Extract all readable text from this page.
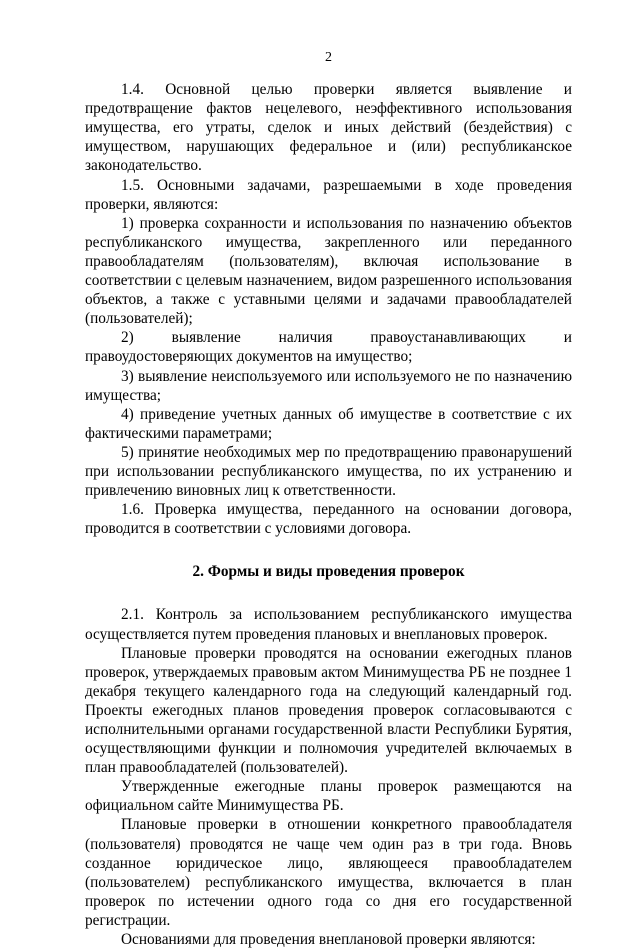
2

1.4. Основной целью проверки является выявление и предотвращение фактов нецелевого, неэффективного использования имущества, его утраты, сделок и иных действий (бездействия) с имуществом, нарушающих федеральное и (или) республиканское законодательство.

1.5. Основными задачами, разрешаемыми в ходе проведения проверки, являются:

1) проверка сохранности и использования по назначению объектов республиканского имущества, закрепленного или переданного правообладателям (пользователям), включая использование в соответствии с целевым назначением, видом разрешенного использования объектов, а также с уставными целями и задачами правообладателей (пользователей);

2) выявление наличия правоустанавливающих и правоудостоверяющих документов на имущество;

3) выявление неиспользуемого или используемого не по назначению имущества;

4) приведение учетных данных об имуществе в соответствие с их фактическими параметрами;

5) принятие необходимых мер по предотвращению правонарушений при использовании республиканского имущества, по их устранению и привлечению виновных лиц к ответственности.

1.6. Проверка имущества, переданного на основании договора, проводится в соответствии с условиями договора.

2. Формы и виды проведения проверок

2.1. Контроль за использованием республиканского имущества осуществляется путем проведения плановых и внеплановых проверок.

Плановые проверки проводятся на основании ежегодных планов проверок, утверждаемых правовым актом Минимущества РБ не позднее 1 декабря текущего календарного года на следующий календарный год. Проекты ежегодных планов проведения проверок согласовываются с исполнительными органами государственной власти Республики Бурятия, осуществляющими функции и полномочия учредителей включаемых в план правообладателей (пользователей).

Утвержденные ежегодные планы проверок размещаются на официальном сайте Минимущества РБ.

Плановые проверки в отношении конкретного правообладателя (пользователя) проводятся не чаще чем один раз в три года. Вновь созданное юридическое лицо, являющееся правообладателем (пользователем) республиканского имущества, включается в план проверок по истечении одного года со дня его государственной регистрации.

Основаниями для проведения внеплановой проверки являются:
